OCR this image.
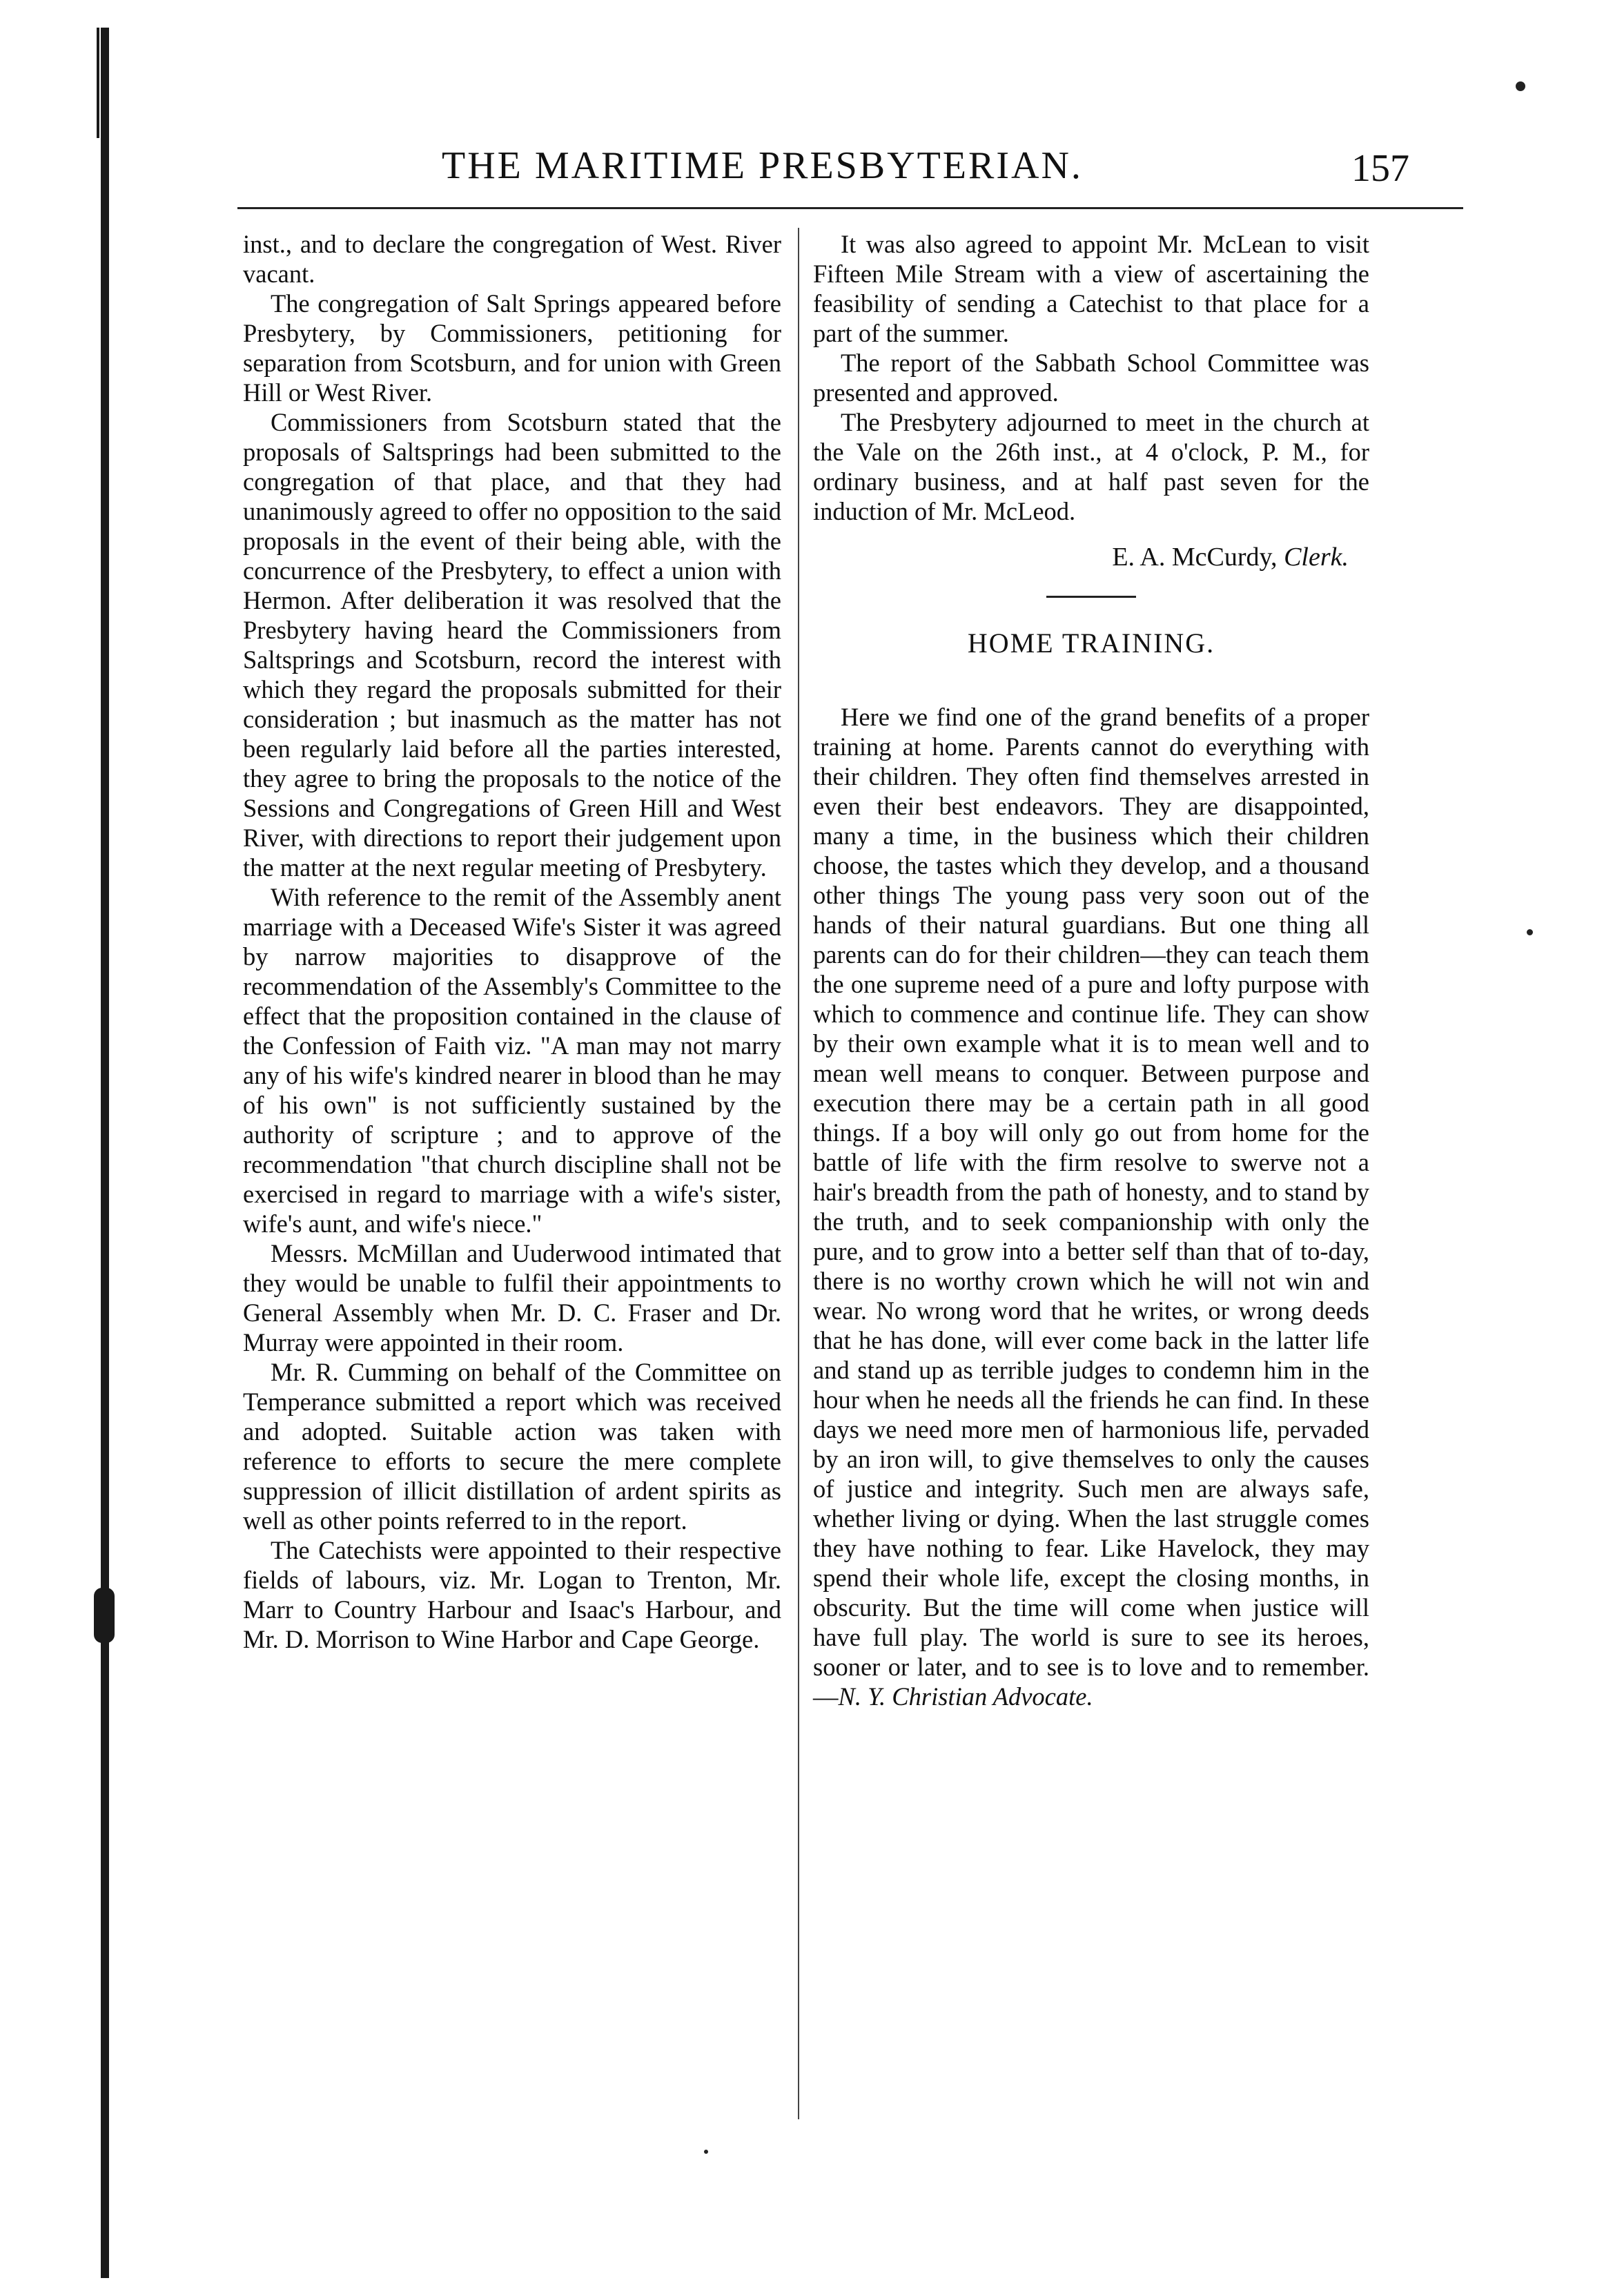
THE MARITIME PRESBYTERIAN.	157

inst., and to declare the congregation of West. River vacant.

The congregation of Salt Springs appeared before Presbytery, by Commissioners, petitioning for separation from Scotsburn, and for union with Green Hill or West River.

Commissioners from Scotsburn stated that the proposals of Saltsprings had been submitted to the congregation of that place, and that they had unanimously agreed to offer no opposition to the said proposals in the event of their being able, with the concurrence of the Presbytery, to effect a union with Hermon. After deliberation it was resolved that the Presbytery having heard the Commissioners from Saltsprings and Scotsburn, record the interest with which they regard the proposals submitted for their consideration ; but inasmuch as the matter has not been regularly laid before all the parties interested, they agree to bring the proposals to the notice of the Sessions and Congregations of Green Hill and West River, with directions to report their judgement upon the matter at the next regular meeting of Presbytery.

With reference to the remit of the Assembly anent marriage with a Deceased Wife's Sister it was agreed by narrow majorities to disapprove of the recommendation of the Assembly's Committee to the effect that the proposition contained in the clause of the Confession of Faith viz. "A man may not marry any of his wife's kindred nearer in blood than he may of his own" is not sufficiently sustained by the authority of scripture ; and to approve of the recommendation "that church discipline shall not be exercised in regard to marriage with a wife's sister, wife's aunt, and wife's niece."

Messrs. McMillan and Uuderwood intimated that they would be unable to fulfil their appointments to General Assembly when Mr. D. C. Fraser and Dr. Murray were appointed in their room.

Mr. R. Cumming on behalf of the Committee on Temperance submitted a report which was received and adopted. Suitable action was taken with reference to efforts to secure the mere complete suppression of illicit distillation of ardent spirits as well as other points referred to in the report.

The Catechists were appointed to their respective fields of labours, viz. Mr. Logan to Trenton, Mr. Marr to Country Harbour and Isaac's Harbour, and Mr. D. Morrison to Wine Harbor and Cape George.

It was also agreed to appoint Mr. McLean to visit Fifteen Mile Stream with a view of ascertaining the feasibility of sending a Catechist to that place for a part of the summer.

The report of the Sabbath School Committee was presented and approved.

The Presbytery adjourned to meet in the church at the Vale on the 26th inst., at 4 o'clock, P. M., for ordinary business, and at half past seven for the induction of Mr. McLeod.

E. A. McCurdy, Clerk.
HOME TRAINING.

Here we find one of the grand benefits of a proper training at home. Parents cannot do everything with their children. They often find themselves arrested in even their best endeavors. They are disappointed, many a time, in the business which their children choose, the tastes which they develop, and a thousand other things The young pass very soon out of the hands of their natural guardians. But one thing all parents can do for their children—they can teach them the one supreme need of a pure and lofty purpose with which to commence and continue life. They can show by their own example what it is to mean well and to mean well means to conquer. Between purpose and execution there may be a certain path in all good things. If a boy will only go out from home for the battle of life with the firm resolve to swerve not a hair's breadth from the path of honesty, and to stand by the truth, and to seek companionship with only the pure, and to grow into a better self than that of to-day, there is no worthy crown which he will not win and wear. No wrong word that he writes, or wrong deeds that he has done, will ever come back in the latter life and stand up as terrible judges to condemn him in the hour when he needs all the friends he can find. In these days we need more men of harmonious life, pervaded by an iron will, to give themselves to only the causes of justice and integrity. Such men are always safe, whether living or dying. When the last struggle comes they have nothing to fear. Like Havelock, they may spend their whole life, except the closing months, in obscurity. But the time will come when justice will have full play. The world is sure to see its heroes, sooner or later, and to see is to love and to remember.—N. Y. Christian Advocate.
